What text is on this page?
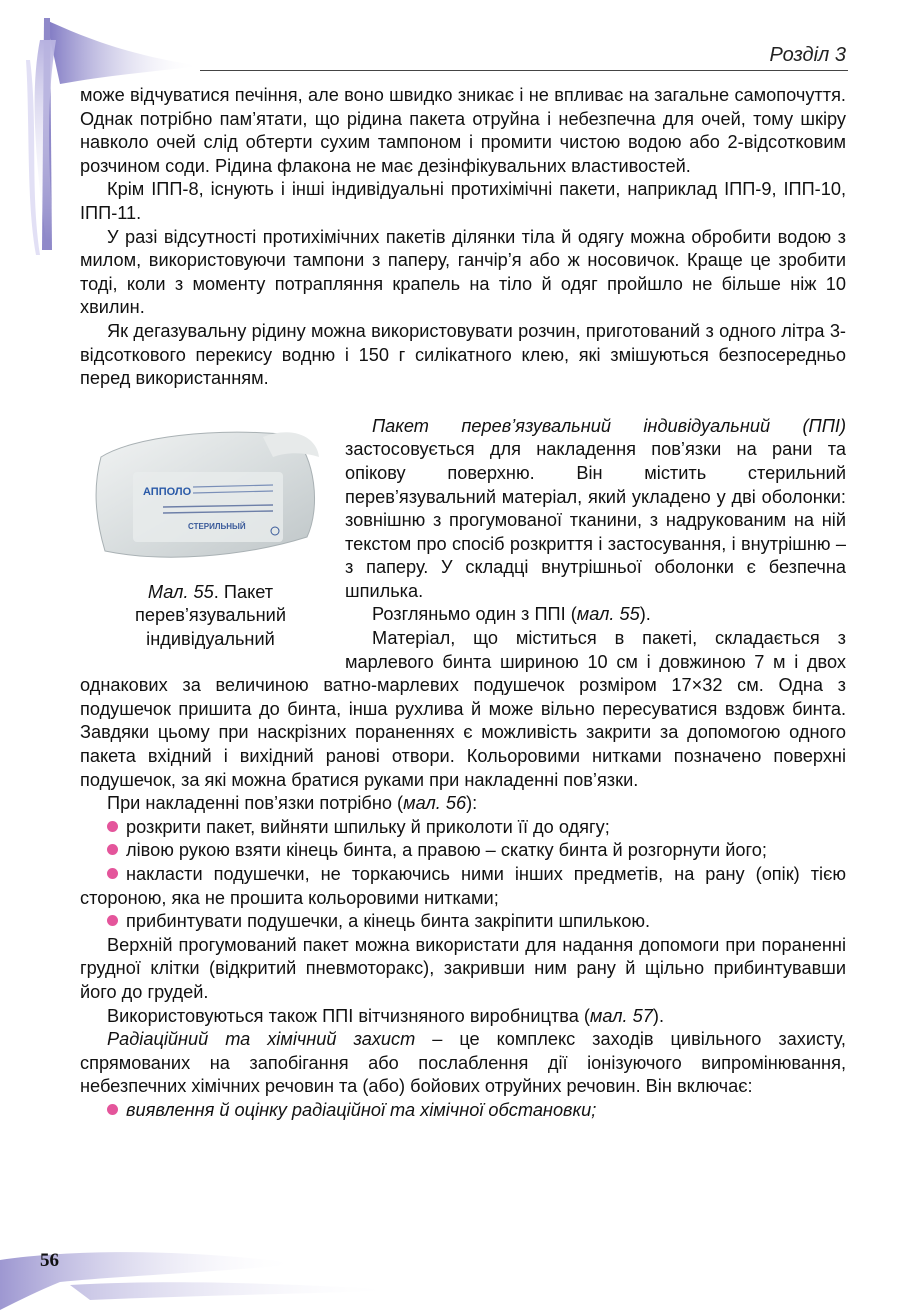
Розділ 3

може відчуватися печіння, але воно швидко зникає і не впливає на загальне самопочуття. Однак потрібно пам’ятати, що рідина пакета отруйна і небезпечна для очей, тому шкіру навколо очей слід обтерти сухим тампоном і промити чистою водою або 2-відсотковим розчином соди. Рідина флакона не має дезінфікувальних властивостей.

Крім ІПП-8, існують і інші індивідуальні протихімічні пакети, наприклад ІПП-9, ІПП-10, ІПП-11.

У разі відсутності протихімічних пакетів ділянки тіла й одягу можна обробити водою з милом, використовуючи тампони з паперу, ганчір’я або ж носовичок. Краще це зробити тоді, коли з моменту потрапляння крапель на тіло й одяг пройшло не більше ніж 10 хвилин.

Як дегазувальну рідину можна використовувати розчин, приготований з одного літра 3-відсоткового перекису водню і 150 г силікатного клею, які змішуються безпосередньо перед використанням.

АППОЛО
СТЕРИЛЬНЫЙ
Мал. 55. Пакет перев’язувальний індивідуальний

Пакет перев’язувальний індивідуальний (ППІ) застосовується для накладення пов’язки на рани та опікову поверхню. Він містить стерильний перев’язувальний матеріал, який укладено у дві оболонки: зовнішню з прогумованої тканини, з надрукованим на ній текстом про спосіб розкриття і застосування, і внутрішню – з паперу. У складці внутрішньої оболонки є безпечна шпилька.

Розгляньмо один з ППІ (мал. 55).

Матеріал, що міститься в пакеті, складається з марлевого бинта шириною 10 см і довжиною 7 м і двох однакових за величиною ватно-марлевих подушечок розміром 17×32 см. Одна з подушечок пришита до бинта, інша рухлива й може вільно пересуватися вздовж бинта. Завдяки цьому при наскрізних пораненнях є можливість закрити за допомогою одного пакета вхідний і вихідний ранові отвори. Кольоровими нитками позначено поверхні подушечок, за які можна братися руками при накладенні пов’язки.

При накладенні пов’язки потрібно (мал. 56):

розкрити пакет, вийняти шпильку й приколоти її до одягу;

лівою рукою взяти кінець бинта, а правою – скатку бинта й розгорнути його;

накласти подушечки, не торкаючись ними інших предметів, на рану (опік) тією стороною, яка не прошита кольоровими нитками;

прибинтувати подушечки, а кінець бинта закріпити шпилькою.

Верхній прогумований пакет можна використати для надання допомоги при пораненні грудної клітки (відкритий пневмоторакс), закривши ним рану й щільно прибинтувавши його до грудей.

Використовуються також ППІ вітчизняного виробництва (мал. 57).

Радіаційний та хімічний захист – це комплекс заходів цивільного захисту, спрямованих на запобігання або послаблення дії іонізуючого випромінювання, небезпечних хімічних речовин та (або) бойових отруйних речовин. Він включає:

виявлення й оцінку радіаційної та хімічної обстановки;

56
